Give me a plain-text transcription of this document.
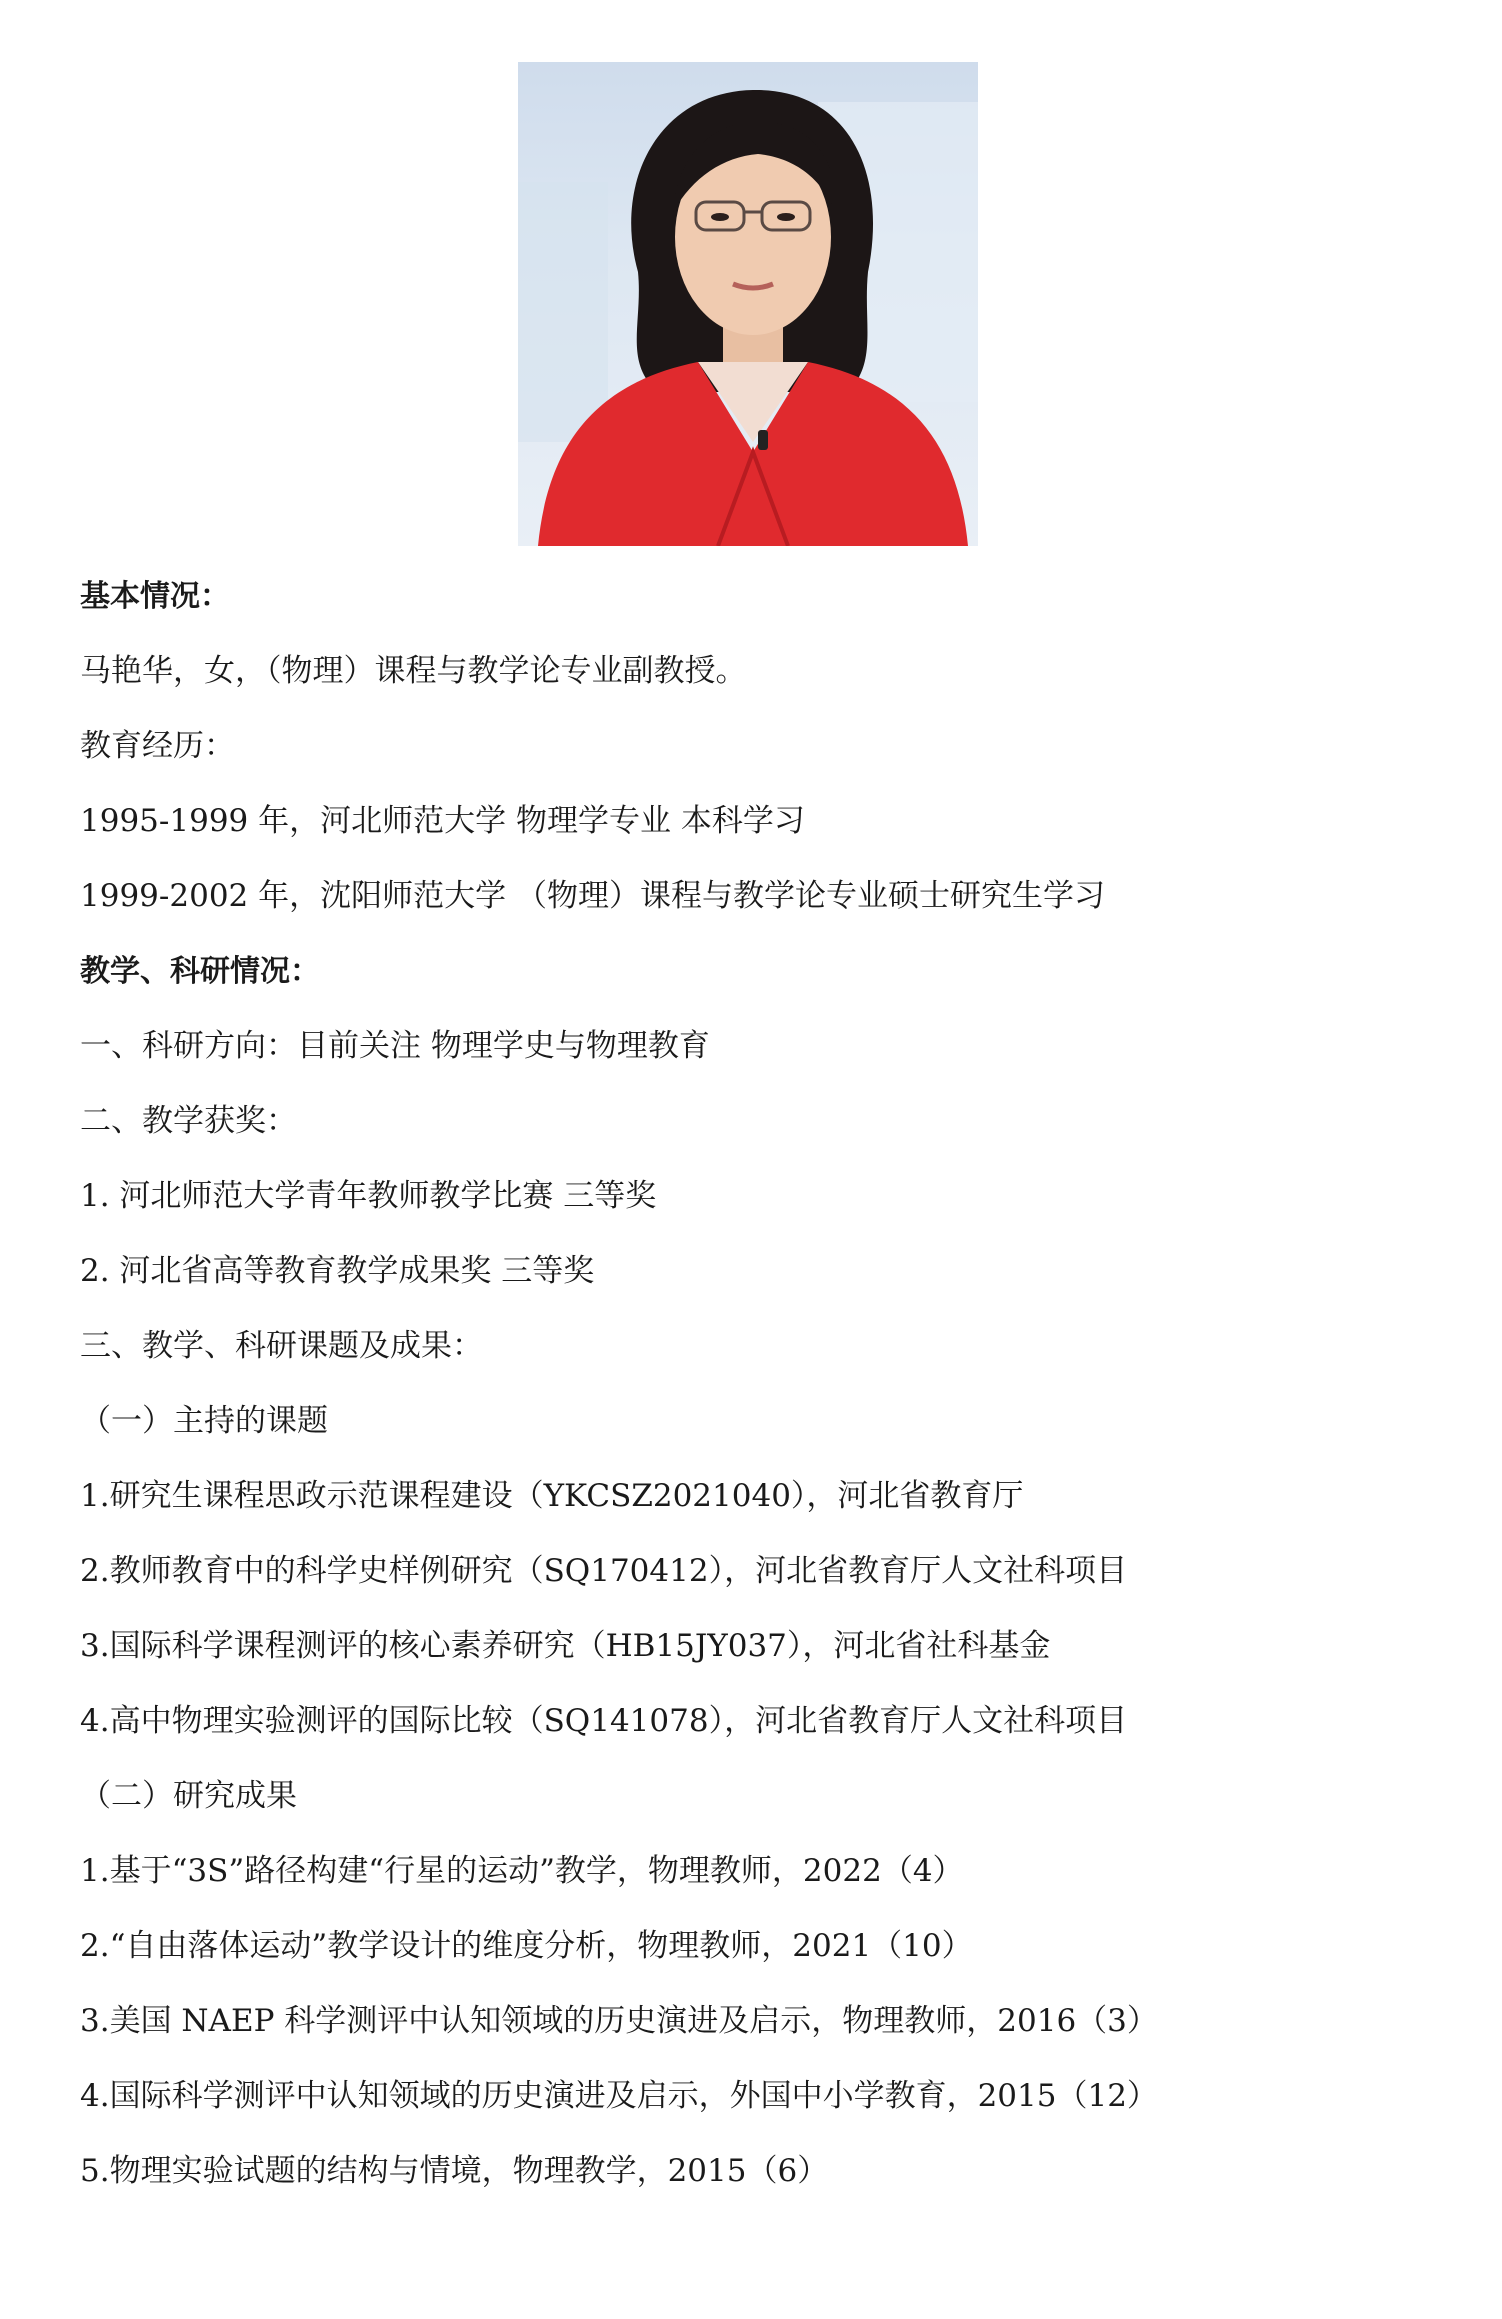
基本情况：
马艳华，女，（物理）课程与教学论专业副教授。
教育经历：
1995-1999 年，河北师范大学 物理学专业 本科学习
1999-2002 年，沈阳师范大学 （物理）课程与教学论专业硕士研究生学习
教学、科研情况：
一、科研方向：目前关注 物理学史与物理教育
二、教学获奖：
1. 河北师范大学青年教师教学比赛 三等奖
2. 河北省高等教育教学成果奖 三等奖
三、教学、科研课题及成果：
（一）主持的课题
1.研究生课程思政示范课程建设（YKCSZ2021040），河北省教育厅
2.教师教育中的科学史样例研究（SQ170412），河北省教育厅人文社科项目
3.国际科学课程测评的核心素养研究（HB15JY037），河北省社科基金
4.高中物理实验测评的国际比较（SQ141078），河北省教育厅人文社科项目
（二）研究成果
1.基于“3S”路径构建“行星的运动”教学，物理教师，2022（4）
2.“自由落体运动”教学设计的维度分析，物理教师，2021（10）
3.美国 NAEP 科学测评中认知领域的历史演进及启示，物理教师，2016（3）
4.国际科学测评中认知领域的历史演进及启示，外国中小学教育，2015（12）
5.物理实验试题的结构与情境，物理教学，2015（6）
